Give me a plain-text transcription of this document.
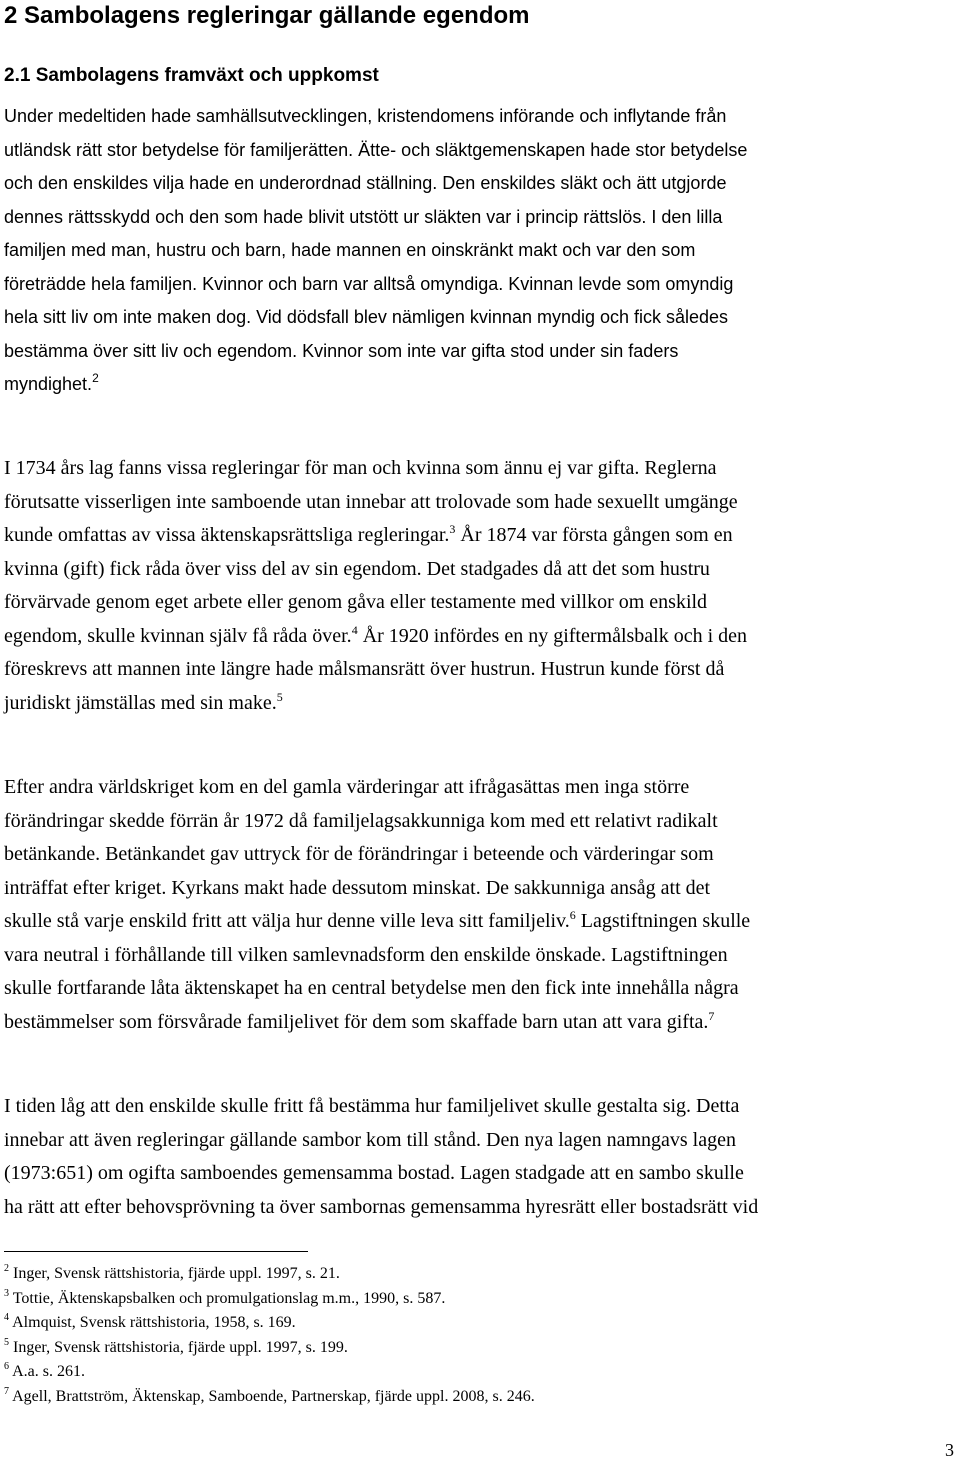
2 Sambolagens regleringar gällande egendom
2.1 Sambolagens framväxt och uppkomst
Under medeltiden hade samhällsutvecklingen, kristendomens införande och inflytande från
utländsk rätt stor betydelse för familjerätten. Ätte- och släktgemenskapen hade stor betydelse
och den enskildes vilja hade en underordnad ställning. Den enskildes släkt och ätt utgjorde
dennes rättsskydd och den som hade blivit utstött ur släkten var i princip rättslös. I den lilla
familjen med man, hustru och barn, hade mannen en oinskränkt makt och var den som
företrädde hela familjen. Kvinnor och barn var alltså omyndiga. Kvinnan levde som omyndig
hela sitt liv om inte maken dog. Vid dödsfall blev nämligen kvinnan myndig och fick således
bestämma över sitt liv och egendom. Kvinnor som inte var gifta stod under sin faders
myndighet.$^2$
I 1734 års lag fanns vissa regleringar för man och kvinna som ännu ej var gifta. Reglerna
förutsatte visserligen inte samboende utan innebar att trolovade som hade sexuellt umgänge
kunde omfattas av vissa äktenskapsrättsliga regleringar.$^3$ År 1874 var första gången som en
kvinna (gift) fick råda över viss del av sin egendom. Det stadgades då att det som hustru
förvärvade genom eget arbete eller genom gåva eller testamente med villkor om enskild
egendom, skulle kvinnan själv få råda över.$^4$ År 1920 infördes en ny giftermålsbalk och i den
föreskrevs att mannen inte längre hade målsmansrätt över hustrun. Hustrun kunde först då
juridiskt jämställas med sin make.$^5$
Efter andra världskriget kom en del gamla värderingar att ifrågasättas men inga större
förändringar skedde förrän år 1972 då familjelagsakkunniga kom med ett relativt radikalt
betänkande. Betänkandet gav uttryck för de förändringar i beteende och värderingar som
inträffat efter kriget. Kyrkans makt hade dessutom minskat. De sakkunniga ansåg att det
skulle stå varje enskild fritt att välja hur denne ville leva sitt familjeliv.$^6$ Lagstiftningen skulle
vara neutral i förhållande till vilken samlevnadsform den enskilde önskade. Lagstiftningen
skulle fortfarande låta äktenskapet ha en central betydelse men den fick inte innehålla några
bestämmelser som försvårade familjelivet för dem som skaffade barn utan att vara gifta.$^7$
I tiden låg att den enskilde skulle fritt få bestämma hur familjelivet skulle gestalta sig. Detta
innebar att även regleringar gällande sambor kom till stånd. Den nya lagen namngavs lagen
(1973:651) om ogifta samboendes gemensamma bostad. Lagen stadgade att en sambo skulle
ha rätt att efter behovsprövning ta över sambornas gemensamma hyresrätt eller bostadsrätt vid
$^2$ Inger, Svensk rättshistoria, fjärde uppl. 1997, s. 21.
$^3$ Tottie, Äktenskapsbalken och promulgationslag m.m., 1990, s. 587.
$^4$ Almquist, Svensk rättshistoria, 1958, s. 169.
$^5$ Inger, Svensk rättshistoria, fjärde uppl. 1997, s. 199.
$^6$ A.a. s. 261.
$^7$ Agell, Brattström, Äktenskap, Samboende, Partnerskap, fjärde uppl. 2008, s. 246.
3
